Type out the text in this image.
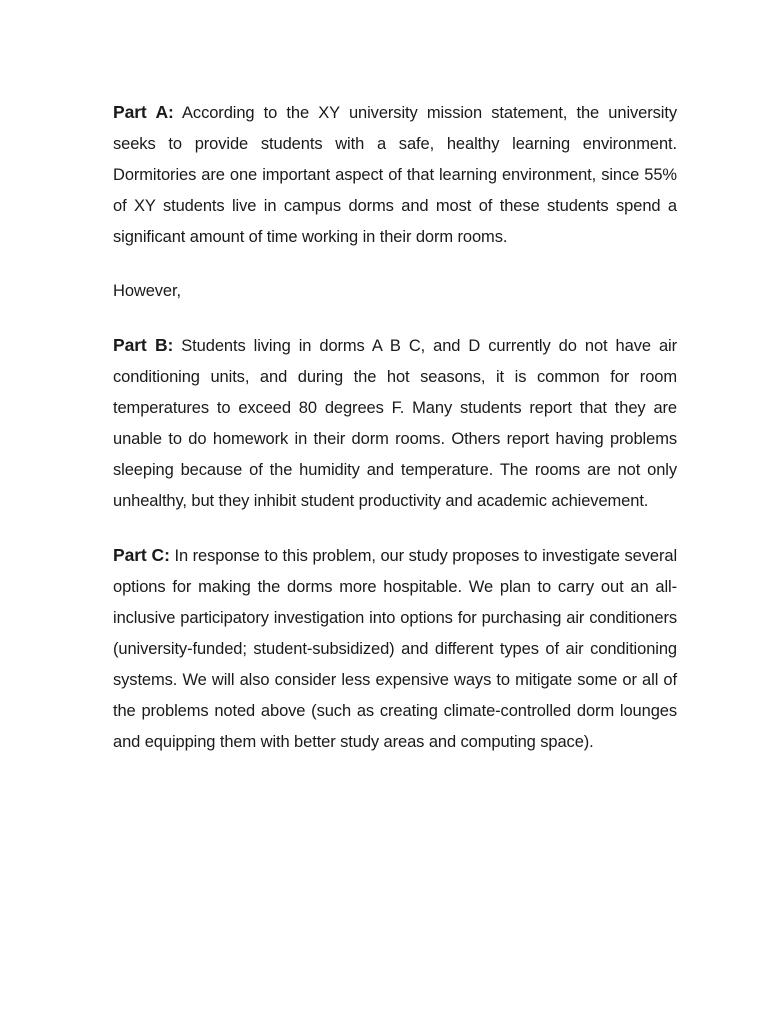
Part A: According to the XY university mission statement, the university seeks to provide students with a safe, healthy learning environment. Dormitories are one important aspect of that learning environment, since 55% of XY students live in campus dorms and most of these students spend a significant amount of time working in their dorm rooms.

However,

Part B: Students living in dorms A B C, and D currently do not have air conditioning units, and during the hot seasons, it is common for room temperatures to exceed 80 degrees F. Many students report that they are unable to do homework in their dorm rooms. Others report having problems sleeping because of the humidity and temperature. The rooms are not only unhealthy, but they inhibit student productivity and academic achievement.

Part C: In response to this problem, our study proposes to investigate several options for making the dorms more hospitable. We plan to carry out an all-inclusive participatory investigation into options for purchasing air conditioners (university-funded; student-subsidized) and different types of air conditioning systems. We will also consider less expensive ways to mitigate some or all of the problems noted above (such as creating climate-controlled dorm lounges and equipping them with better study areas and computing space).
